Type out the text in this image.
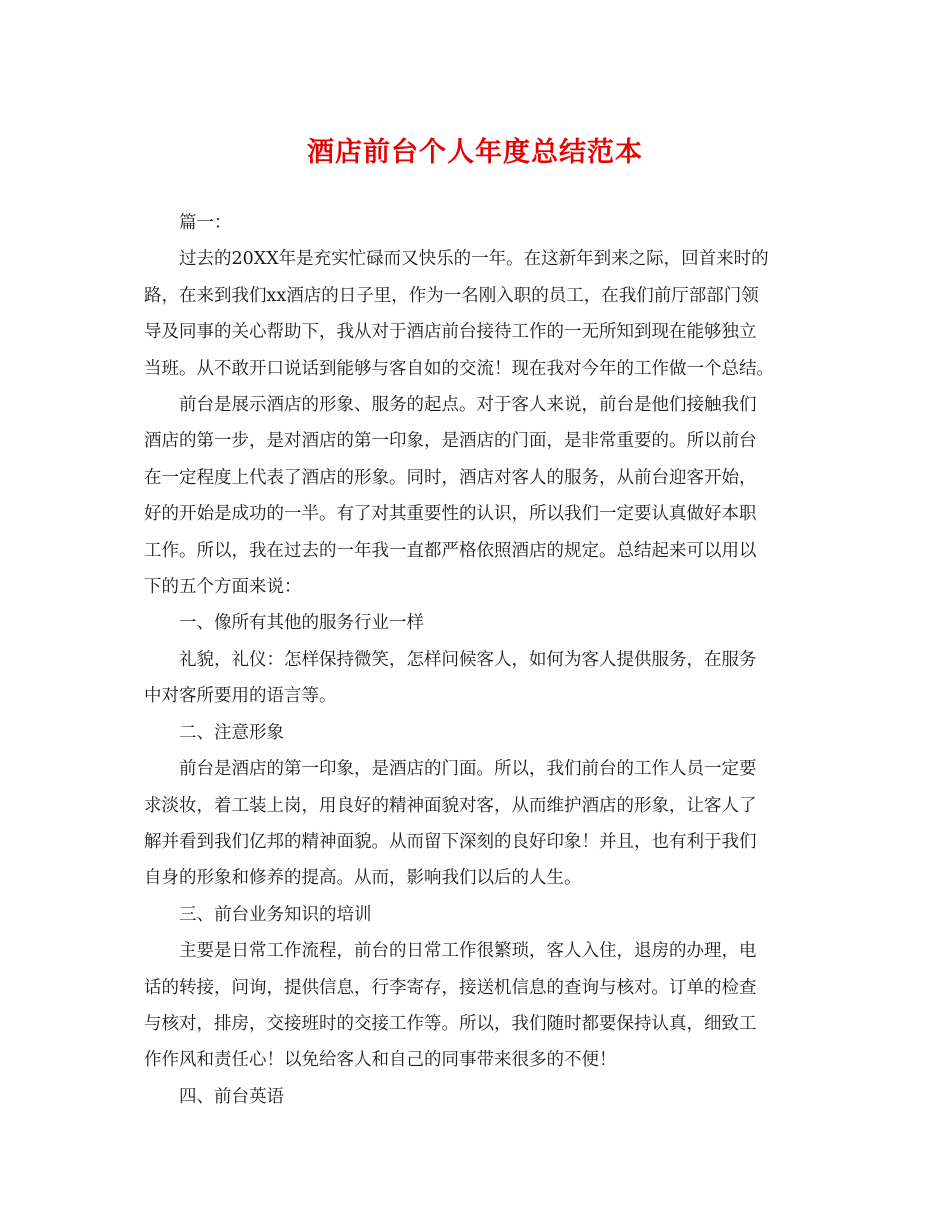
酒店前台个人年度总结范本

篇一：

过去的20XX年是充实忙碌而又快乐的一年。在这新年到来之际，回首来时的
路，在来到我们xx酒店的日子里，作为一名刚入职的员工，在我们前厅部部门领
导及同事的关心帮助下，我从对于酒店前台接待工作的一无所知到现在能够独立
当班。从不敢开口说话到能够与客自如的交流！现在我对今年的工作做一个总结。

前台是展示酒店的形象、服务的起点。对于客人来说，前台是他们接触我们
酒店的第一步，是对酒店的第一印象，是酒店的门面，是非常重要的。所以前台
在一定程度上代表了酒店的形象。同时，酒店对客人的服务，从前台迎客开始，
好的开始是成功的一半。有了对其重要性的认识，所以我们一定要认真做好本职
工作。所以，我在过去的一年我一直都严格依照酒店的规定。总结起来可以用以
下的五个方面来说：

一、像所有其他的服务行业一样

礼貌，礼仪：怎样保持微笑，怎样问候客人，如何为客人提供服务，在服务
中对客所要用的语言等。

二、注意形象

前台是酒店的第一印象，是酒店的门面。所以，我们前台的工作人员一定要
求淡妆，着工装上岗，用良好的精神面貌对客，从而维护酒店的形象，让客人了
解并看到我们亿邦的精神面貌。从而留下深刻的良好印象！并且，也有利于我们
自身的形象和修养的提高。从而，影响我们以后的人生。

三、前台业务知识的培训

主要是日常工作流程，前台的日常工作很繁琐，客人入住，退房的办理，电
话的转接，问询，提供信息，行李寄存，接送机信息的查询与核对。订单的检查
与核对，排房，交接班时的交接工作等。所以，我们随时都要保持认真，细致工
作作风和责任心！以免给客人和自己的同事带来很多的不便！

四、前台英语
